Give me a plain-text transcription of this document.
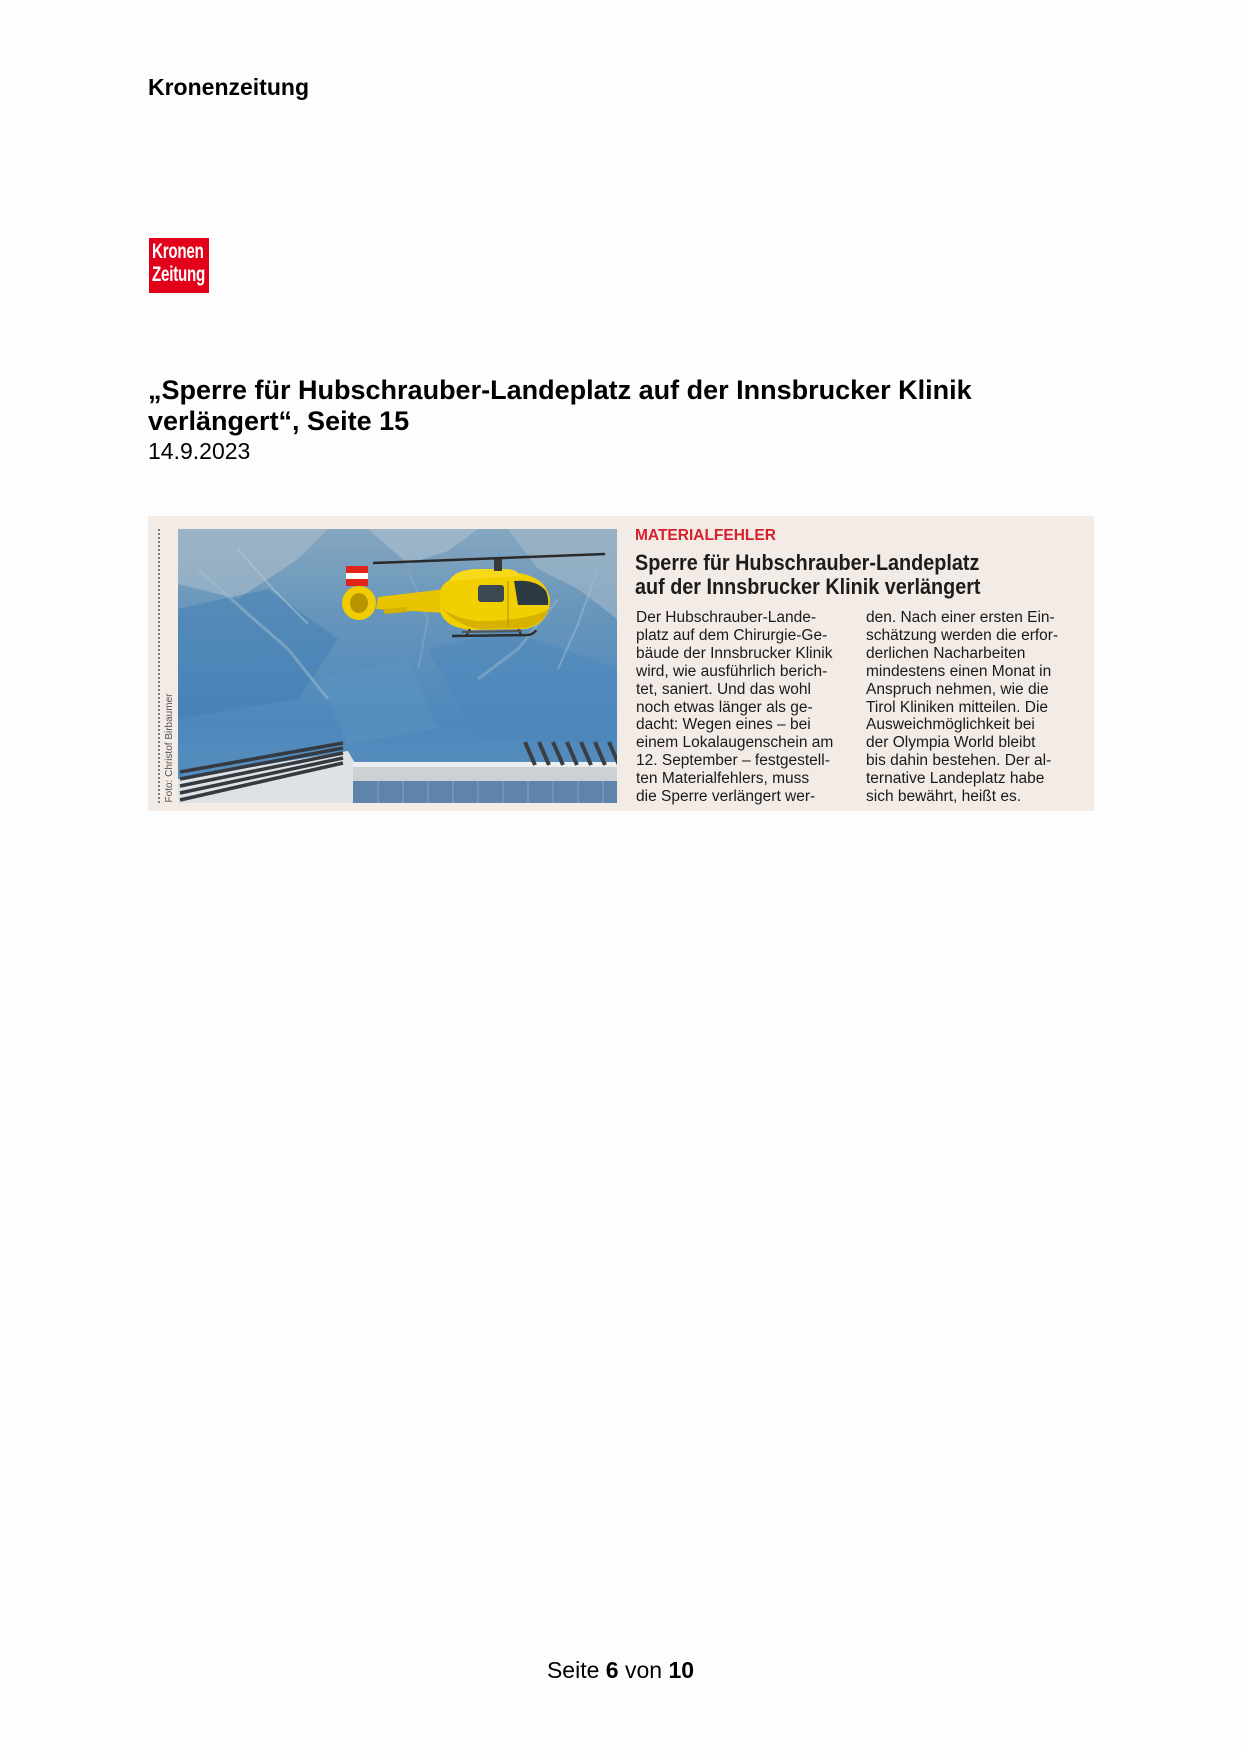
Kronenzeitung
Kronen
Zeitung
„Sperre für Hubschrauber-Landeplatz auf der Innsbrucker Klinik verlängert“, Seite 15
14.9.2023
Foto: Christof Birbaumer
MATERIALFEHLER
Sperre für Hubschrauber-Landeplatz
auf der Innsbrucker Klinik verlängert
Der Hubschrauber-Lande-
platz auf dem Chirurgie-Ge-
bäude der Innsbrucker Klinik
wird, wie ausführlich berich-
tet, saniert. Und das wohl
noch etwas länger als ge-
dacht: Wegen eines – bei
einem Lokalaugenschein am
12. September – festgestell-
ten Materialfehlers, muss
die Sperre verlängert wer-
den. Nach einer ersten Ein-
schätzung werden die erfor-
derlichen Nacharbeiten
mindestens einen Monat in
Anspruch nehmen, wie die
Tirol Kliniken mitteilen. Die
Ausweichmöglichkeit bei
der Olympia World bleibt
bis dahin bestehen. Der al-
ternative Landeplatz habe
sich bewährt, heißt es.
Seite 6 von 10
